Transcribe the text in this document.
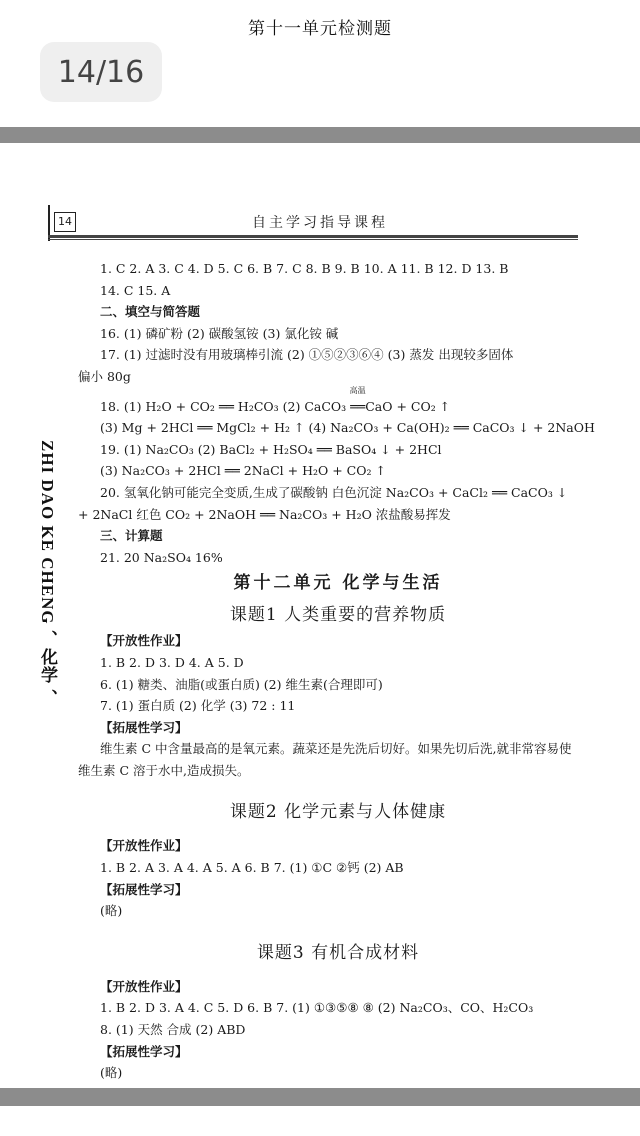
第十一单元检测题
14/16
14	自主学习指导课程
ZHI DAO KE CHENG 、化学 、
1. C 2. A 3. C 4. D 5. C 6. B 7. C 8. B 9. B 10. A 11. B 12. D 13. B
14. C 15. A
二、填空与简答题
16. (1) 磷矿粉 (2) 碳酸氢铵 (3) 氯化铵 碱
17. (1) 过滤时没有用玻璃棒引流 (2) ①⑤②③⑥④ (3) 蒸发 出现较多固体
偏小 80g
18. (1) H₂O + CO₂ ══ H₂CO₃ (2) CaCO₃
高温
══CaO + CO₂ ↑
(3) Mg + 2HCl ══ MgCl₂ + H₂ ↑ (4) Na₂CO₃ + Ca(OH)₂ ══ CaCO₃ ↓ + 2NaOH
19. (1) Na₂CO₃ (2) BaCl₂ + H₂SO₄ ══ BaSO₄ ↓ + 2HCl
(3) Na₂CO₃ + 2HCl ══ 2NaCl + H₂O + CO₂ ↑
20. 氢氧化钠可能完全变质,生成了碳酸钠 白色沉淀 Na₂CO₃ + CaCl₂ ══ CaCO₃ ↓
+ 2NaCl 红色 CO₂ + 2NaOH ══ Na₂CO₃ + H₂O 浓盐酸易挥发
三、计算题
21. 20 Na₂SO₄ 16%
第十二单元 化学与生活
课题1 人类重要的营养物质
【开放性作业】
1. B 2. D 3. D 4. A 5. D
6. (1) 糖类、油脂(或蛋白质) (2) 维生素(合理即可)
7. (1) 蛋白质 (2) 化学 (3) 72 : 11
【拓展性学习】
维生素 C 中含量最高的是氧元素。蔬菜还是先洗后切好。如果先切后洗,就非常容易使维生素 C 溶于水中,造成损失。
课题2 化学元素与人体健康
【开放性作业】
1. B 2. A 3. A 4. A 5. A 6. B 7. (1) ①C ②钙 (2) AB
【拓展性学习】
(略)
课题3 有机合成材料
【开放性作业】
1. B 2. D 3. A 4. C 5. D 6. B 7. (1) ①③⑤⑧ ⑧ (2) Na₂CO₃、CO、H₂CO₃
8. (1) 天然 合成 (2) ABD
【拓展性学习】
(略)
